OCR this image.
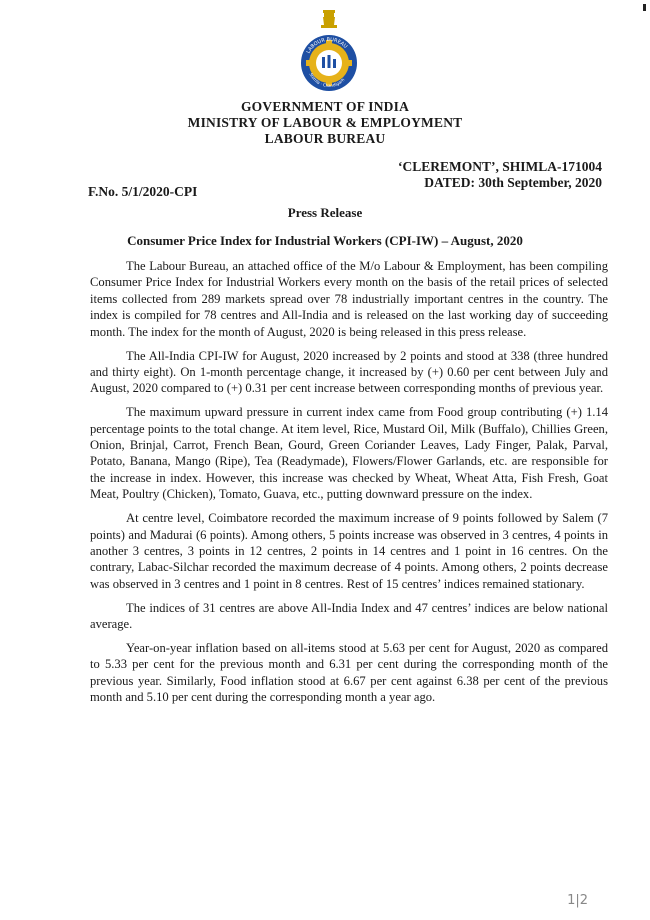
LABOUR BUREAU
Shimla · Chandigarh
GOVERNMENT OF INDIA
MINISTRY OF LABOUR & EMPLOYMENT
LABOUR BUREAU
‘CLEREMONT’, SHIMLA-171004
DATED: 30th September, 2020
F.No. 5/1/2020-CPI
Press Release
Consumer Price Index for Industrial Workers (CPI-IW) – August, 2020

The Labour Bureau, an attached office of the M/o Labour & Employment, has been compiling Consumer Price Index for Industrial Workers every month on the basis of the retail prices of selected items collected from 289 markets spread over 78 industrially important centres in the country. The index is compiled for 78 centres and All-India and is released on the last working day of succeeding month. The index for the month of August, 2020 is being released in this press release.

The All-India CPI-IW for August, 2020 increased by 2 points and stood at 338 (three hundred and thirty eight). On 1-month percentage change, it increased by (+) 0.60 per cent between July and August, 2020 compared to (+) 0.31 per cent increase between corresponding months of previous year.

The maximum upward pressure in current index came from Food group contributing (+) 1.14 percentage points to the total change. At item level, Rice, Mustard Oil, Milk (Buffalo), Chillies Green, Onion, Brinjal, Carrot, French Bean, Gourd, Green Coriander Leaves, Lady Finger, Palak, Parval, Potato, Banana, Mango (Ripe), Tea (Readymade), Flowers/Flower Garlands, etc. are responsible for the increase in index. However, this increase was checked by Wheat, Wheat Atta, Fish Fresh, Goat Meat, Poultry (Chicken), Tomato, Guava, etc., putting downward pressure on the index.

At centre level, Coimbatore recorded the maximum increase of 9 points followed by Salem (7 points) and Madurai (6 points). Among others, 5 points increase was observed in 3 centres, 4 points in another 3 centres, 3 points in 12 centres, 2 points in 14 centres and 1 point in 16 centres. On the contrary, Labac-Silchar recorded the maximum decrease of 4 points. Among others, 2 points decrease was observed in 3 centres and 1 point in 8 centres. Rest of 15 centres’ indices remained stationary.

The indices of 31 centres are above All-India Index and 47 centres’ indices are below national average.

Year-on-year inflation based on all-items stood at 5.63 per cent for August, 2020 as compared to 5.33 per cent for the previous month and 6.31 per cent during the corresponding month of the previous year. Similarly, Food inflation stood at 6.67 per cent against 6.38 per cent of the previous month and 5.10 per cent during the corresponding month a year ago.

1|2
